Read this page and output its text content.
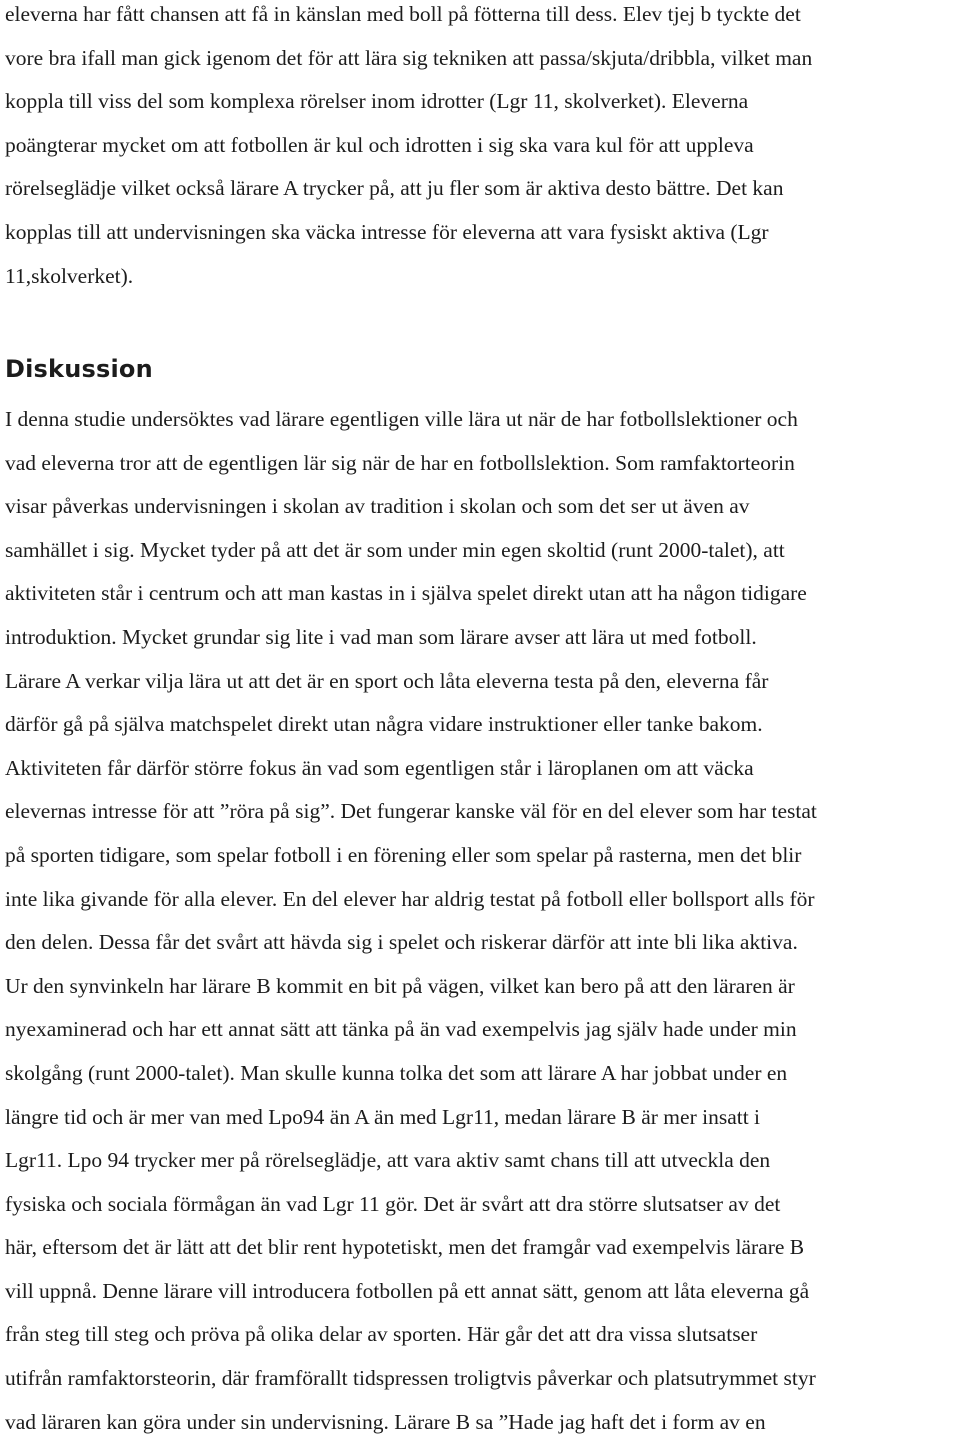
eleverna har fått chansen att få in känslan med boll på fötterna till dess. Elev tjej b tyckte det
vore bra ifall man gick igenom det för att lära sig tekniken att passa/skjuta/dribbla, vilket man
koppla till viss del som komplexa rörelser inom idrotter (Lgr 11, skolverket). Eleverna
poängterar mycket om att fotbollen är kul och idrotten i sig ska vara kul för att uppleva
rörelseglädje vilket också lärare A trycker på, att ju fler som är aktiva desto bättre. Det kan
kopplas till att undervisningen ska väcka intresse för eleverna att vara fysiskt aktiva (Lgr
11,skolverket).
Diskussion
I denna studie undersöktes vad lärare egentligen ville lära ut när de har fotbollslektioner och
vad eleverna tror att de egentligen lär sig när de har en fotbollslektion. Som ramfaktorteorin
visar påverkas undervisningen i skolan av tradition i skolan och som det ser ut även av
samhället i sig. Mycket tyder på att det är som under min egen skoltid (runt 2000-talet), att
aktiviteten står i centrum och att man kastas in i själva spelet direkt utan att ha någon tidigare
introduktion. Mycket grundar sig lite i vad man som lärare avser att lära ut med fotboll.
Lärare A verkar vilja lära ut att det är en sport och låta eleverna testa på den, eleverna får
därför gå på själva matchspelet direkt utan några vidare instruktioner eller tanke bakom.
Aktiviteten får därför större fokus än vad som egentligen står i läroplanen om att väcka
elevernas intresse för att ”röra på sig”. Det fungerar kanske väl för en del elever som har testat
på sporten tidigare, som spelar fotboll i en förening eller som spelar på rasterna, men det blir
inte lika givande för alla elever. En del elever har aldrig testat på fotboll eller bollsport alls för
den delen. Dessa får det svårt att hävda sig i spelet och riskerar därför att inte bli lika aktiva.
Ur den synvinkeln har lärare B kommit en bit på vägen, vilket kan bero på att den läraren är
nyexaminerad och har ett annat sätt att tänka på än vad exempelvis jag själv hade under min
skolgång (runt 2000-talet). Man skulle kunna tolka det som att lärare A har jobbat under en
längre tid och är mer van med Lpo94 än A än med Lgr11, medan lärare B är mer insatt i
Lgr11. Lpo 94 trycker mer på rörelseglädje, att vara aktiv samt chans till att utveckla den
fysiska och sociala förmågan än vad Lgr 11 gör. Det är svårt att dra större slutsatser av det
här, eftersom det är lätt att det blir rent hypotetiskt, men det framgår vad exempelvis lärare B
vill uppnå. Denne lärare vill introducera fotbollen på ett annat sätt, genom att låta eleverna gå
från steg till steg och pröva på olika delar av sporten. Här går det att dra vissa slutsatser
utifrån ramfaktorsteorin, där framförallt tidspressen troligtvis påverkar och platsutrymmet styr
vad läraren kan göra under sin undervisning. Lärare B sa ”Hade jag haft det i form av en
